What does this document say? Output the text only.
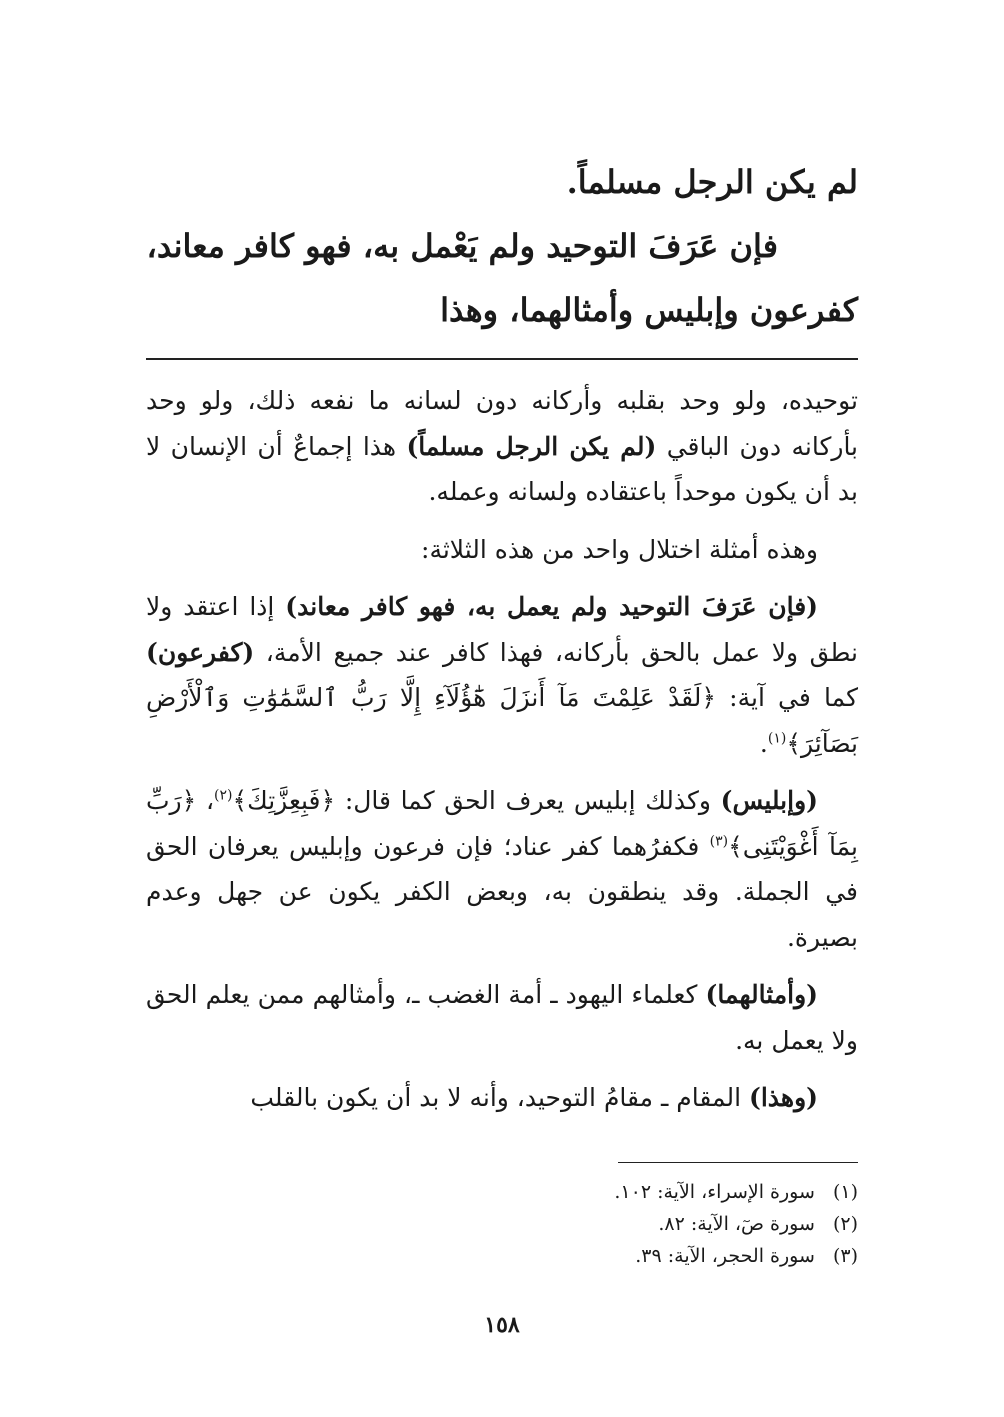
لم يكن الرجل مسلماً.

فإن عَرَفَ التوحيد ولم يَعْمل به، فهو كافر معاند،

كفرعون وإبليس وأمثالهما، وهذا

توحيده، ولو وحد بقلبه وأركانه دون لسانه ما نفعه ذلك، ولو وحد بأركانه دون الباقي (لم يكن الرجل مسلماً) هذا إجماعٌ أن الإنسان لا بد أن يكون موحداً باعتقاده ولسانه وعمله.

وهذه أمثلة اختلال واحد من هذه الثلاثة:

(فإن عَرَفَ التوحيد ولم يعمل به، فهو كافر معاند) إذا اعتقد ولا نطق ولا عمل بالحق بأركانه، فهذا كافر عند جميع الأمة، (كفرعون) كما في آية: ﴿لَقَدْ عَلِمْتَ مَآ أَنزَلَ هَٰٓؤُلَآءِ إِلَّا رَبُّ ٱلسَّمَٰوَٰتِ وَٱلْأَرْضِ بَصَآئِرَ﴾$^{(١)}$.

(وإبليس) وكذلك إبليس يعرف الحق كما قال: ﴿فَبِعِزَّتِكَ﴾$^{(٢)}$، ﴿رَبِّ بِمَآ أَغْوَيْتَنِى﴾$^{(٣)}$ فكفرُهما كفر عناد؛ فإن فرعون وإبليس يعرفان الحق في الجملة. وقد ينطقون به، وبعض الكفر يكون عن جهل وعدم بصيرة.

(وأمثالهما) كعلماء اليهود ـ أمة الغضب ـ، وأمثالهم ممن يعلم الحق ولا يعمل به.

(وهذا) المقام ـ مقامُ التوحيد، وأنه لا بد أن يكون بالقلب

(١) سورة الإسراء، الآية: ١٠٢.

(٢) سورة صٓ، الآية: ٨٢.

(٣) سورة الحجر، الآية: ٣٩.

١٥٨
